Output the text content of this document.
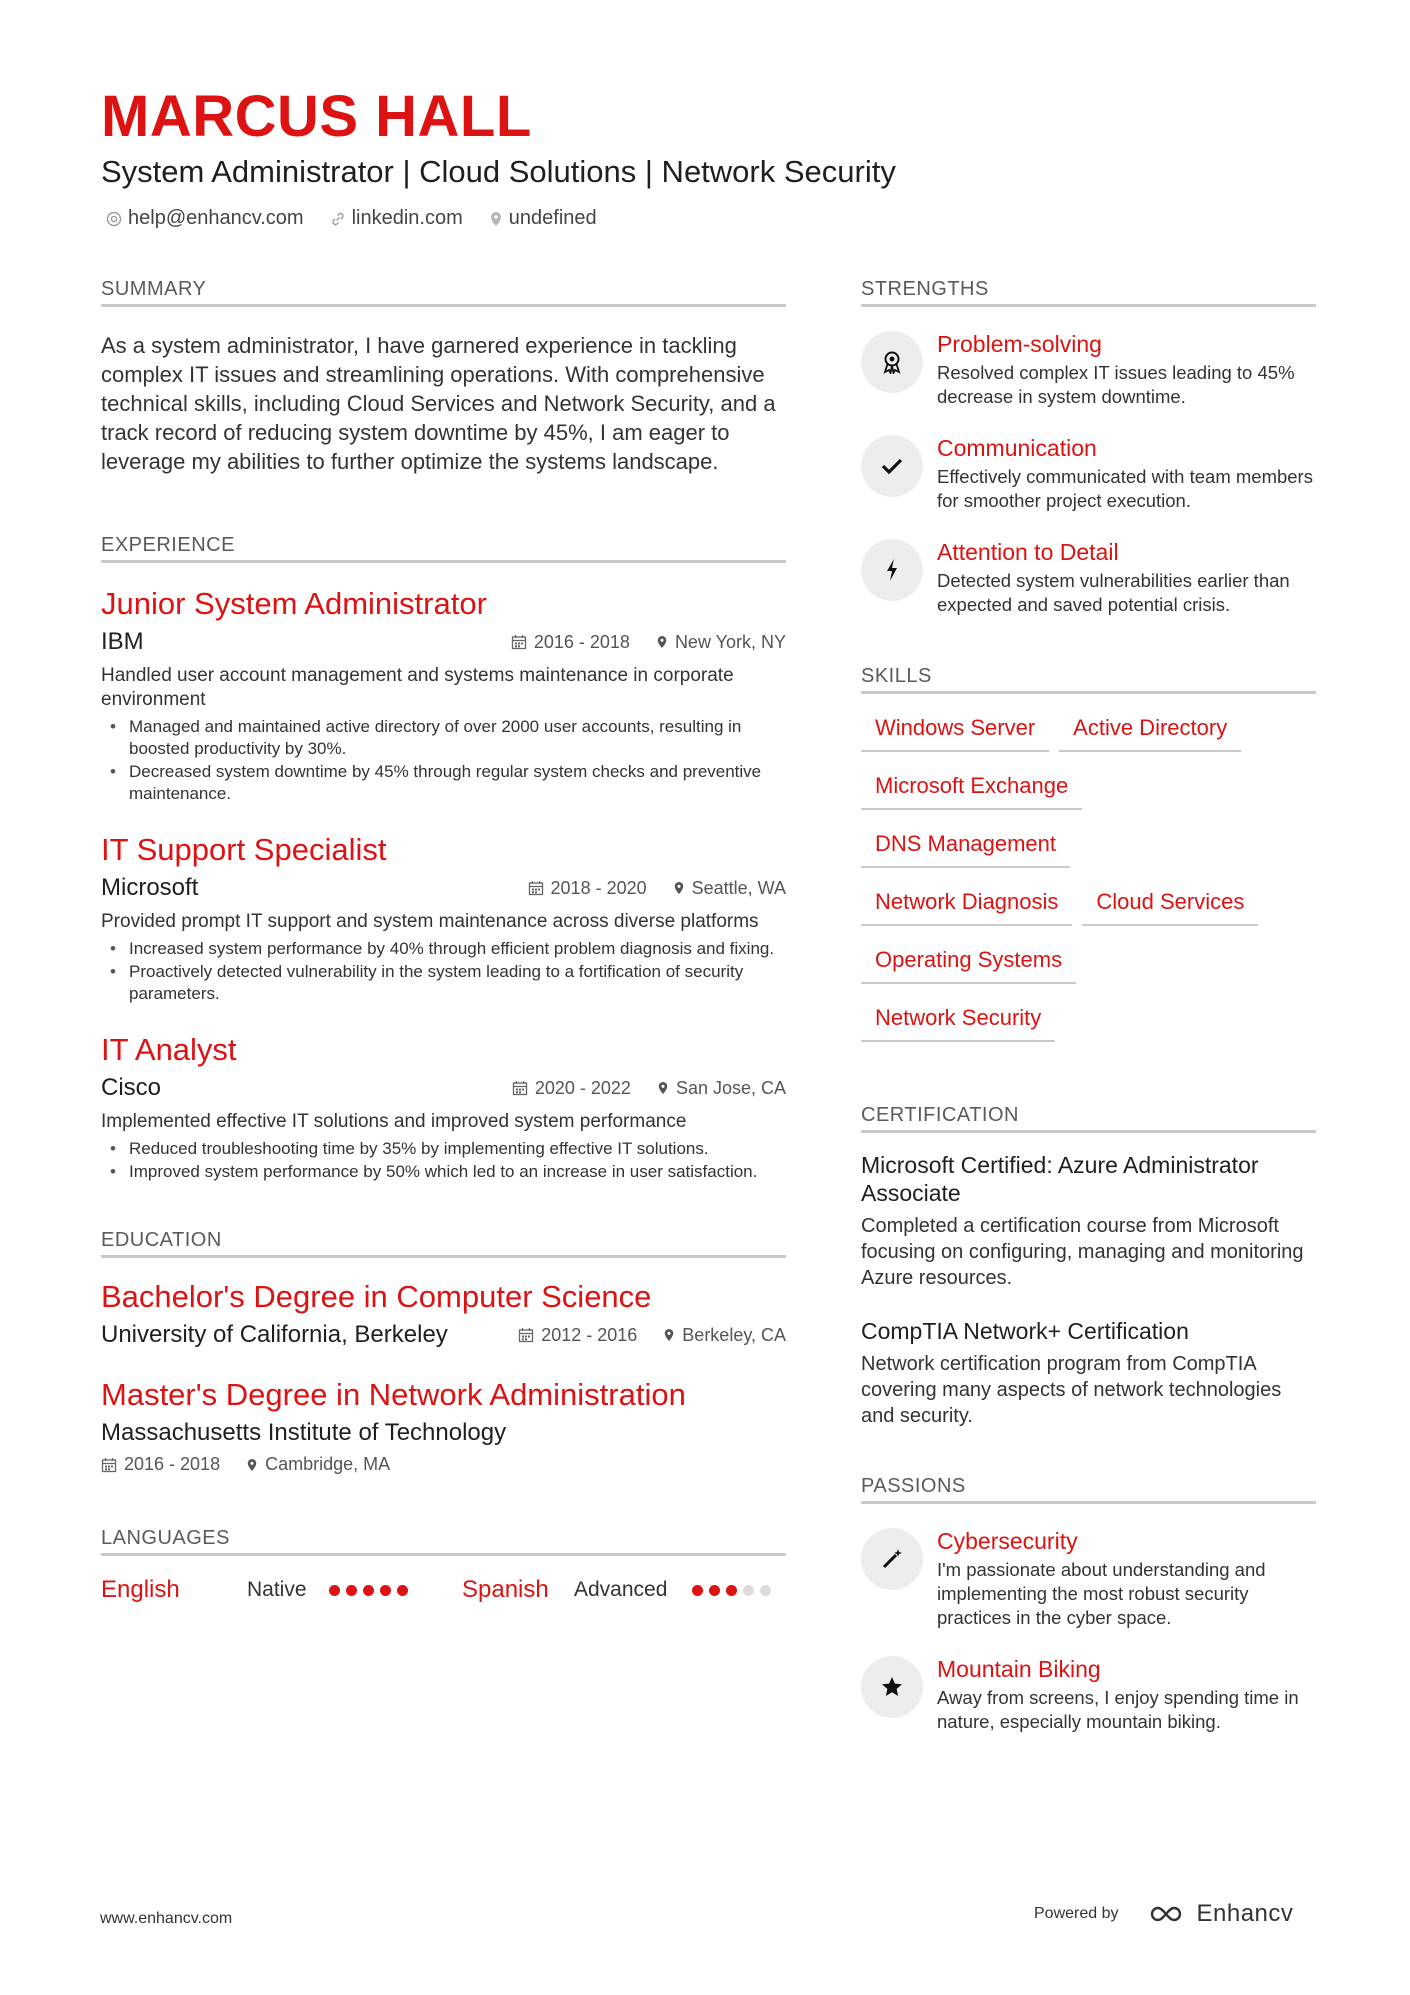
MARCUS HALL
System Administrator | Cloud Solutions | Network Security
help@enhancv.com linkedin.com undefined
SUMMARY
As a system administrator, I have garnered experience in tackling complex IT issues and streamlining operations. With comprehensive technical skills, including Cloud Services and Network Security, and a track record of reducing system downtime by 45%, I am eager to leverage my abilities to further optimize the systems landscape.
EXPERIENCE
Junior System Administrator
IBM	2016 - 2018	New York, NY
Handled user account management and systems maintenance in corporate environment
• Managed and maintained active directory of over 2000 user accounts, resulting in boosted productivity by 30%.
• Decreased system downtime by 45% through regular system checks and preventive maintenance.
IT Support Specialist
Microsoft	2018 - 2020	Seattle, WA
Provided prompt IT support and system maintenance across diverse platforms
• Increased system performance by 40% through efficient problem diagnosis and fixing.
• Proactively detected vulnerability in the system leading to a fortification of security parameters.
IT Analyst
Cisco	2020 - 2022	San Jose, CA
Implemented effective IT solutions and improved system performance
• Reduced troubleshooting time by 35% by implementing effective IT solutions.
• Improved system performance by 50% which led to an increase in user satisfaction.
EDUCATION
Bachelor's Degree in Computer Science
University of California, Berkeley	2012 - 2016	Berkeley, CA
Master's Degree in Network Administration
Massachusetts Institute of Technology
2016 - 2018	Cambridge, MA
LANGUAGES
English	Native	Spanish	Advanced
STRENGTHS
Problem-solving
Resolved complex IT issues leading to 45% decrease in system downtime.
Communication
Effectively communicated with team members for smoother project execution.
Attention to Detail
Detected system vulnerabilities earlier than expected and saved potential crisis.
SKILLS
Windows Server	Active Directory
Microsoft Exchange
DNS Management
Network Diagnosis	Cloud Services
Operating Systems
Network Security
CERTIFICATION
Microsoft Certified: Azure Administrator Associate
Completed a certification course from Microsoft focusing on configuring, managing and monitoring Azure resources.
CompTIA Network+ Certification
Network certification program from CompTIA covering many aspects of network technologies and security.
PASSIONS
Cybersecurity
I'm passionate about understanding and implementing the most robust security practices in the cyber space.
Mountain Biking
Away from screens, I enjoy spending time in nature, especially mountain biking.
www.enhancv.com	Powered by	Enhancv
